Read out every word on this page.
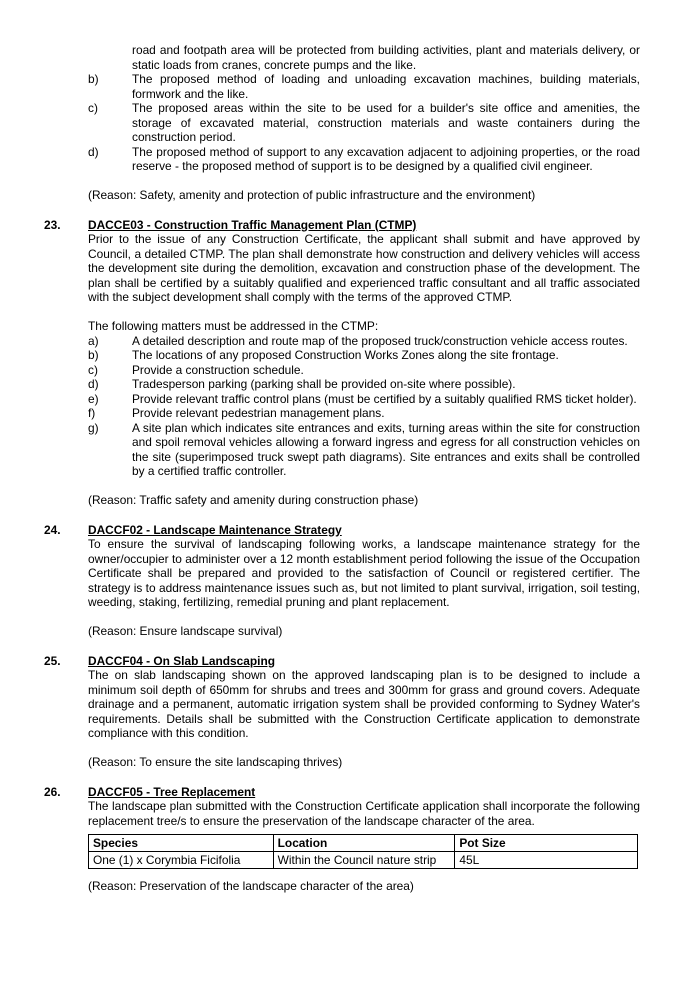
road and footpath area will be protected from building activities, plant and materials delivery, or static loads from cranes, concrete pumps and the like.
b)	The proposed method of loading and unloading excavation machines, building materials, formwork and the like.
c)	The proposed areas within the site to be used for a builder's site office and amenities, the storage of excavated material, construction materials and waste containers during the construction period.
d)	The proposed method of support to any excavation adjacent to adjoining properties, or the road reserve - the proposed method of support is to be designed by a qualified civil engineer.
(Reason: Safety, amenity and protection of public infrastructure and the environment)
23.	DACCE03 - Construction Traffic Management Plan (CTMP)
Prior to the issue of any Construction Certificate, the applicant shall submit and have approved by Council, a detailed CTMP. The plan shall demonstrate how construction and delivery vehicles will access the development site during the demolition, excavation and construction phase of the development. The plan shall be certified by a suitably qualified and experienced traffic consultant and all traffic associated with the subject development shall comply with the terms of the approved CTMP.
The following matters must be addressed in the CTMP:
a)	A detailed description and route map of the proposed truck/construction vehicle access routes.
b)	The locations of any proposed Construction Works Zones along the site frontage.
c)	Provide a construction schedule.
d)	Tradesperson parking (parking shall be provided on-site where possible).
e)	Provide relevant traffic control plans (must be certified by a suitably qualified RMS ticket holder).
f)	Provide relevant pedestrian management plans.
g)	A site plan which indicates site entrances and exits, turning areas within the site for construction and spoil removal vehicles allowing a forward ingress and egress for all construction vehicles on the site (superimposed truck swept path diagrams). Site entrances and exits shall be controlled by a certified traffic controller.
(Reason: Traffic safety and amenity during construction phase)
24.	DACCF02 - Landscape Maintenance Strategy
To ensure the survival of landscaping following works, a landscape maintenance strategy for the owner/occupier to administer over a 12 month establishment period following the issue of the Occupation Certificate shall be prepared and provided to the satisfaction of Council or registered certifier. The strategy is to address maintenance issues such as, but not limited to plant survival, irrigation, soil testing, weeding, staking, fertilizing, remedial pruning and plant replacement.
(Reason: Ensure landscape survival)
25.	DACCF04 - On Slab Landscaping
The on slab landscaping shown on the approved landscaping plan is to be designed to include a minimum soil depth of 650mm for shrubs and trees and 300mm for grass and ground covers. Adequate drainage and a permanent, automatic irrigation system shall be provided conforming to Sydney Water's requirements. Details shall be submitted with the Construction Certificate application to demonstrate compliance with this condition.
(Reason: To ensure the site landscaping thrives)
26.	DACCF05 - Tree Replacement
The landscape plan submitted with the Construction Certificate application shall incorporate the following replacement tree/s to ensure the preservation of the landscape character of the area.
Species	Location	Pot Size
One (1) x Corymbia Ficifolia	Within the Council nature strip	45L
(Reason: Preservation of the landscape character of the area)
